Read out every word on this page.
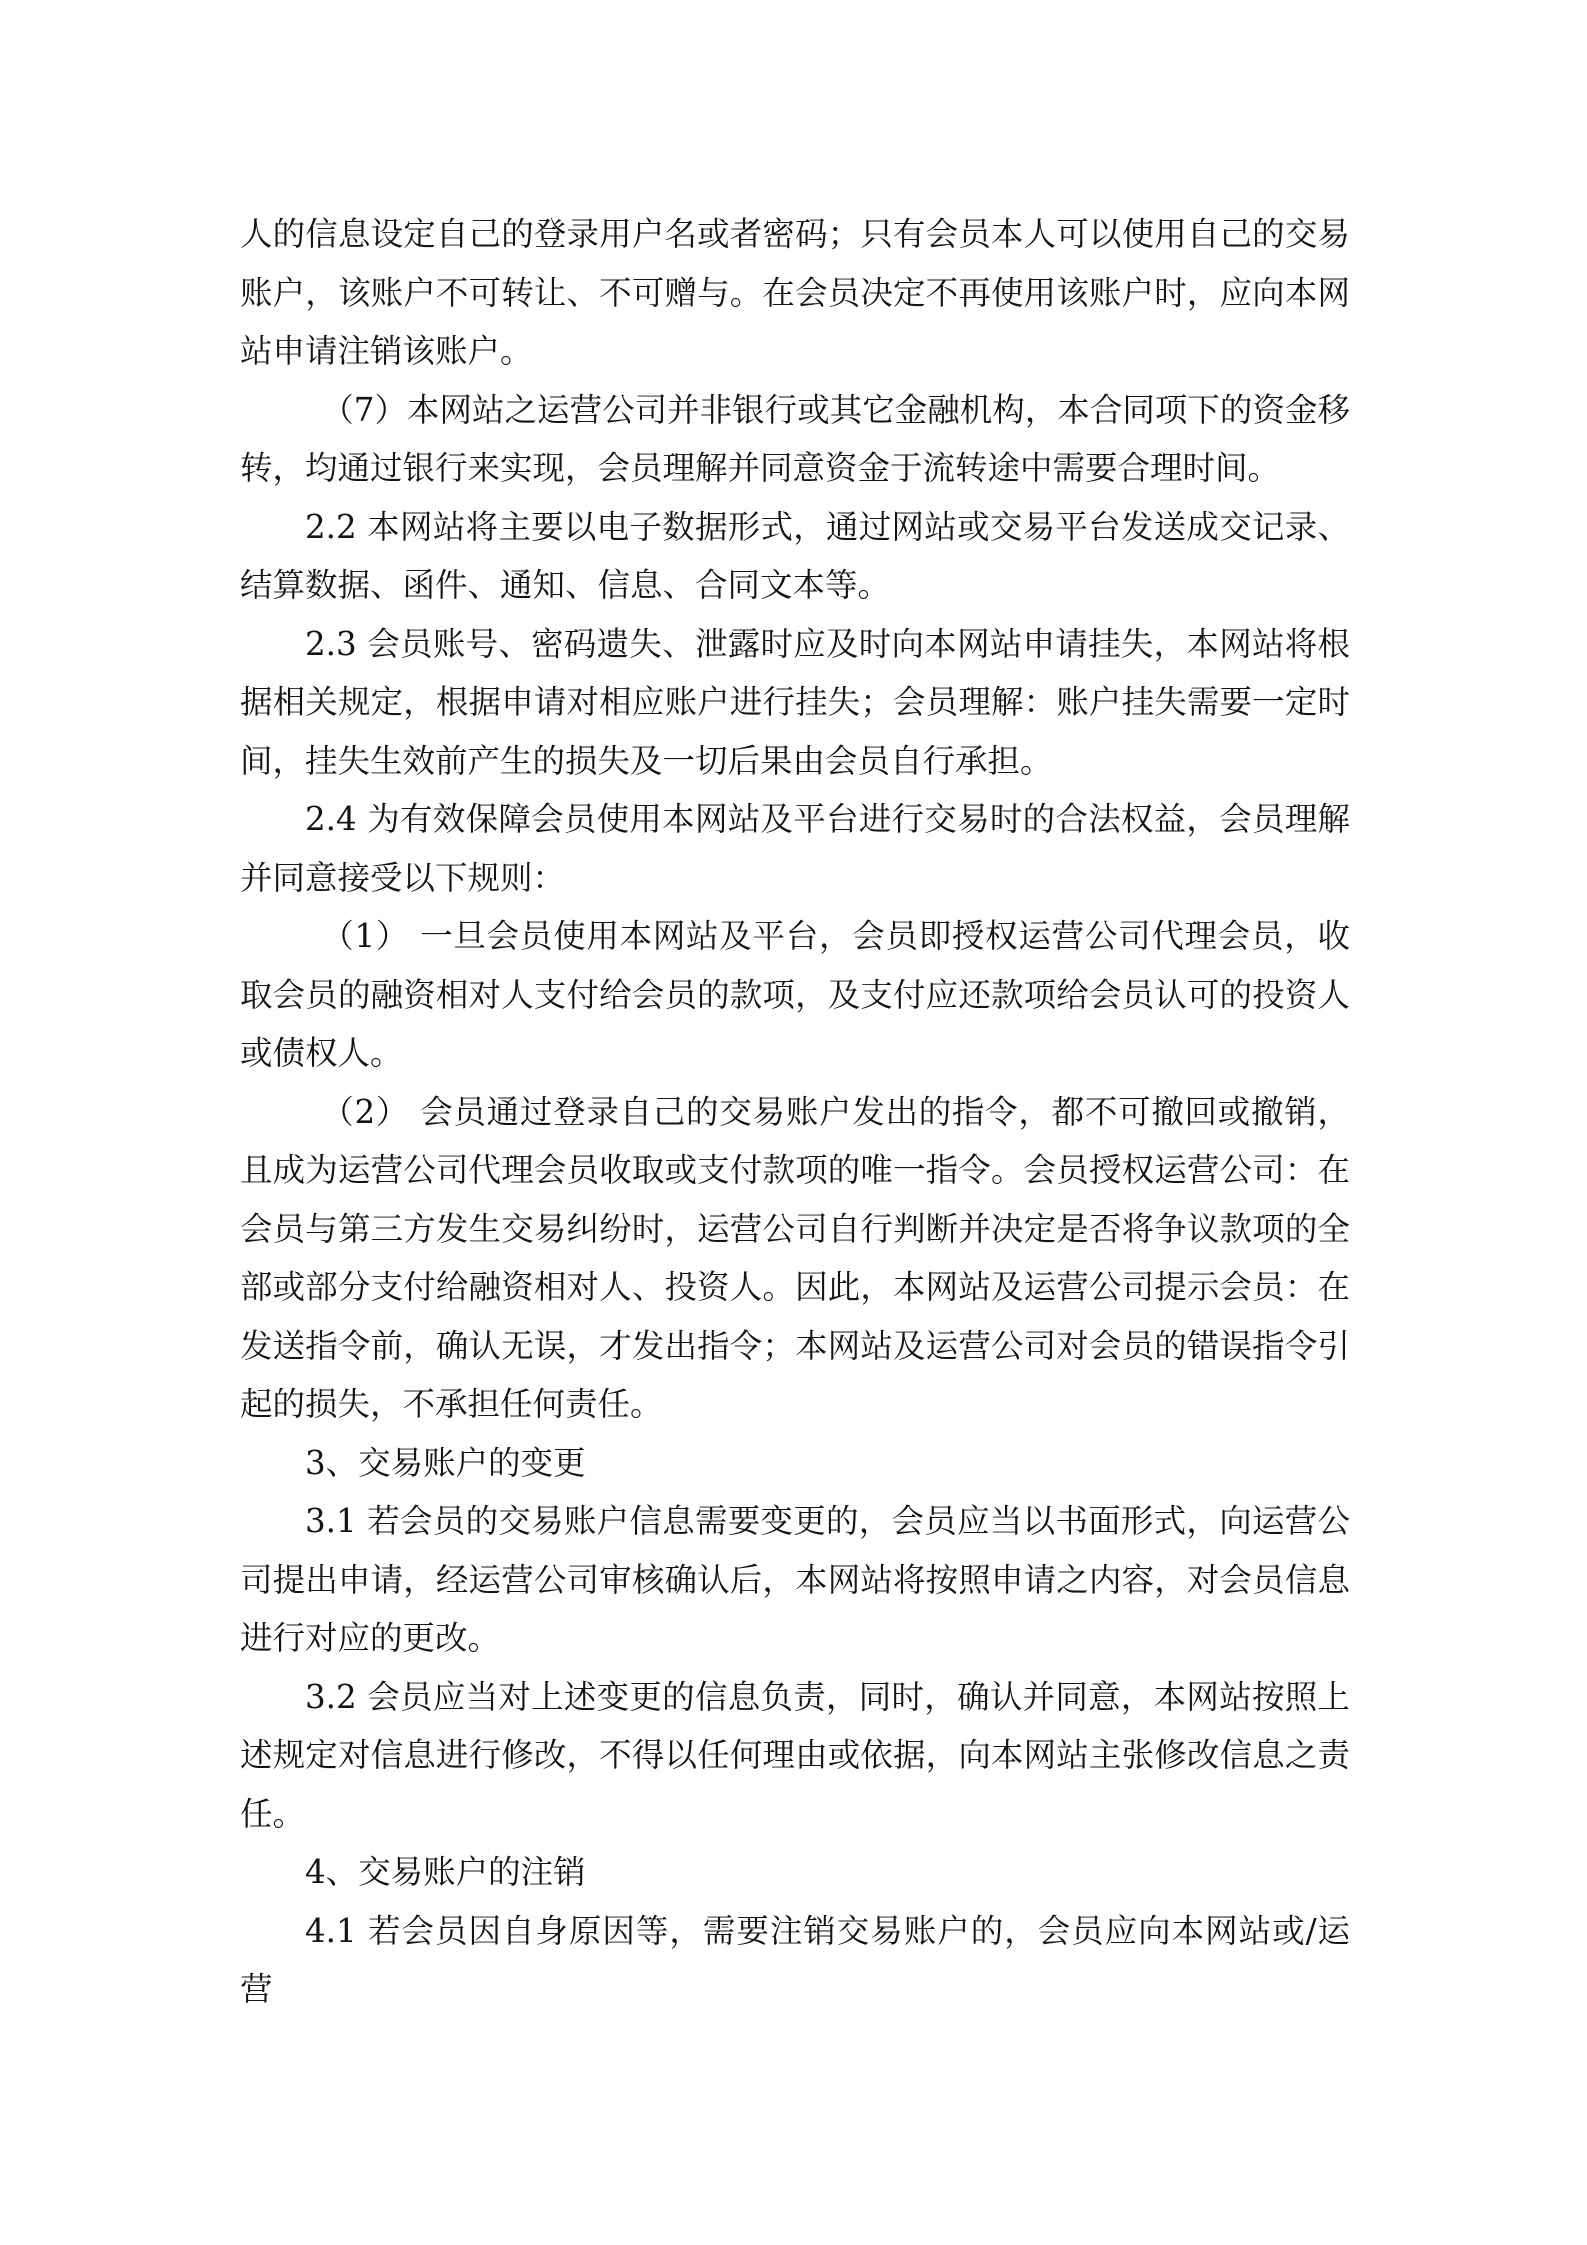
人的信息设定自己的登录用户名或者密码；只有会员本人可以使用自己的交易账户，该账户不可转让、不可赠与。在会员决定不再使用该账户时，应向本网站申请注销该账户。

（7）本网站之运营公司并非银行或其它金融机构，本合同项下的资金移转，均通过银行来实现，会员理解并同意资金于流转途中需要合理时间。

2.2 本网站将主要以电子数据形式，通过网站或交易平台发送成交记录、结算数据、函件、通知、信息、合同文本等。

2.3 会员账号、密码遗失、泄露时应及时向本网站申请挂失，本网站将根据相关规定，根据申请对相应账户进行挂失；会员理解：账户挂失需要一定时间，挂失生效前产生的损失及一切后果由会员自行承担。

2.4 为有效保障会员使用本网站及平台进行交易时的合法权益，会员理解并同意接受以下规则：

（1） 一旦会员使用本网站及平台，会员即授权运营公司代理会员，收取会员的融资相对人支付给会员的款项，及支付应还款项给会员认可的投资人或债权人。

（2） 会员通过登录自己的交易账户发出的指令，都不可撤回或撤销，且成为运营公司代理会员收取或支付款项的唯一指令。会员授权运营公司：在会员与第三方发生交易纠纷时，运营公司自行判断并决定是否将争议款项的全部或部分支付给融资相对人、投资人。因此，本网站及运营公司提示会员：在发送指令前，确认无误，才发出指令；本网站及运营公司对会员的错误指令引起的损失，不承担任何责任。

3、交易账户的变更

3.1 若会员的交易账户信息需要变更的，会员应当以书面形式，向运营公司提出申请，经运营公司审核确认后，本网站将按照申请之内容，对会员信息进行对应的更改。

3.2 会员应当对上述变更的信息负责，同时，确认并同意，本网站按照上述规定对信息进行修改，不得以任何理由或依据，向本网站主张修改信息之责任。

4、交易账户的注销

4.1 若会员因自身原因等，需要注销交易账户的，会员应向本网站或/运营
